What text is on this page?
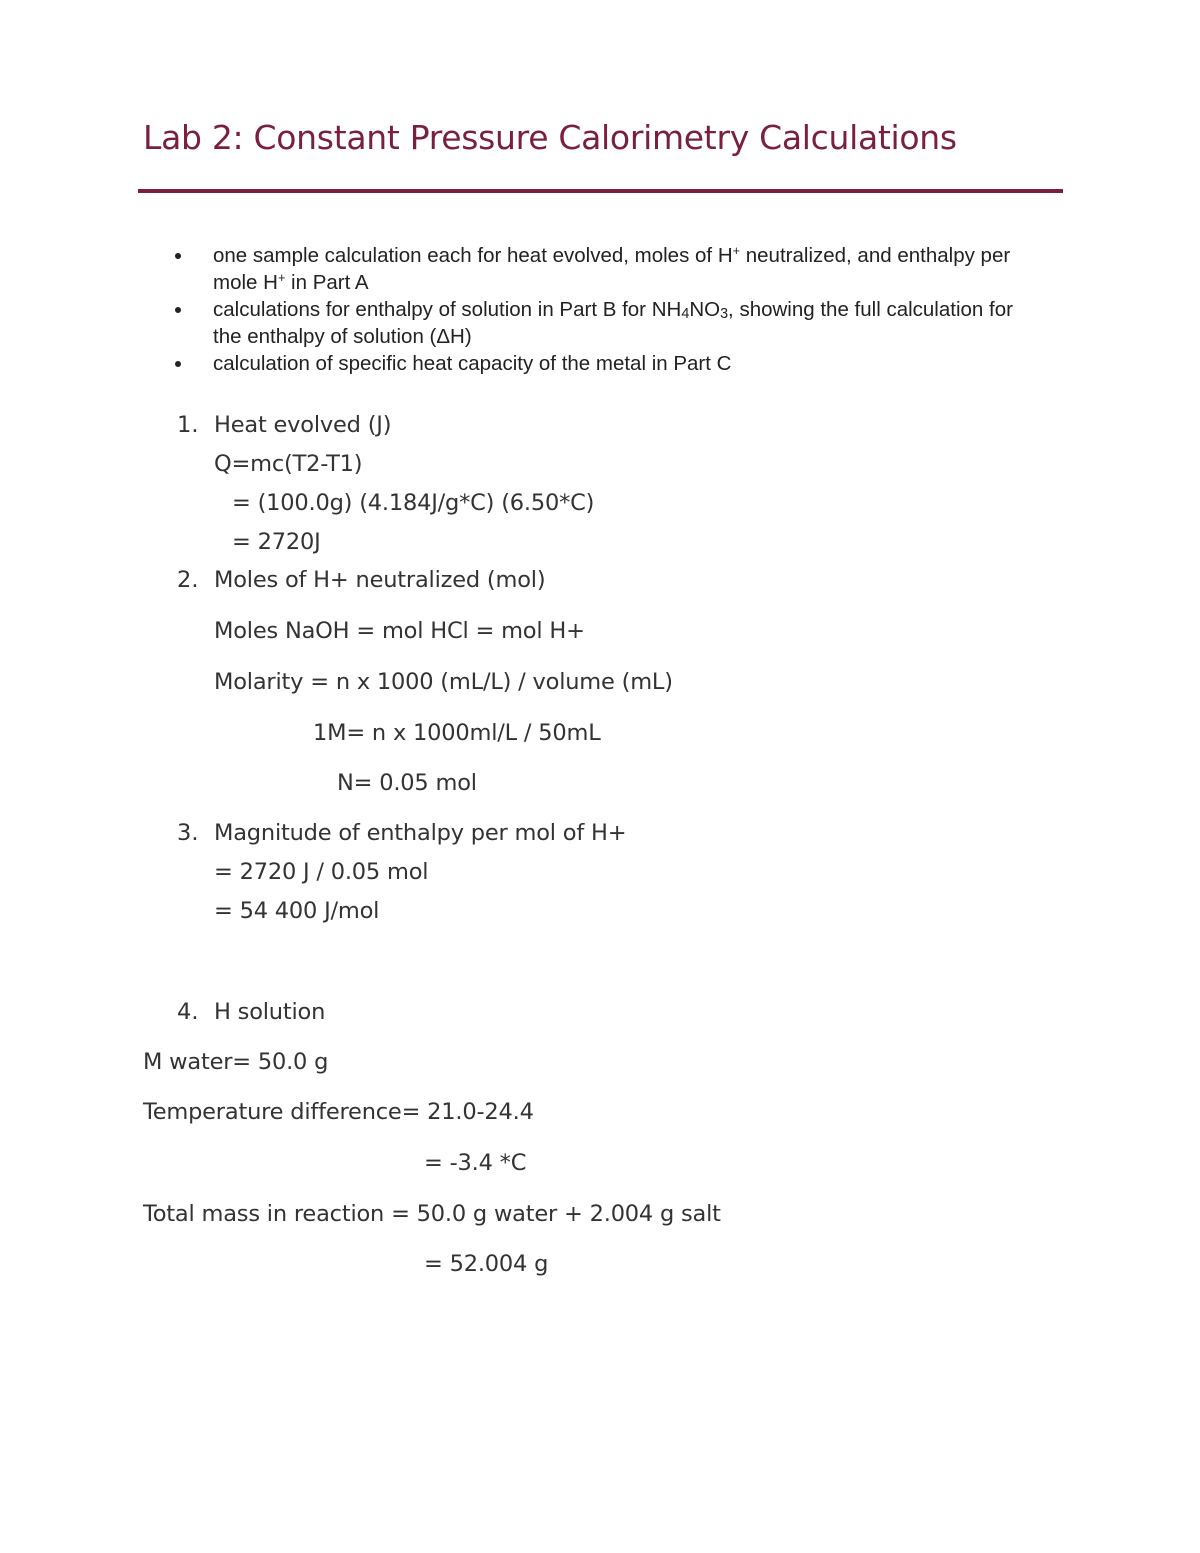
Lab 2: Constant Pressure Calorimetry Calculations
one sample calculation each for heat evolved, moles of H+ neutralized, and enthalpy per mole H+ in Part A
calculations for enthalpy of solution in Part B for $NH_4NO_3$, showing the full calculation for the enthalpy of solution (ΔH)
calculation of specific heat capacity of the metal in Part C
1. Heat evolved (J)
Q=mc(T2-T1)
= (100.0g) (4.184J/g*C) (6.50*C)
= 2720J
2. Moles of H+ neutralized (mol)
Moles NaOH = mol HCl = mol H+
Molarity = n x 1000 (mL/L) / volume (mL)
1M= n x 1000ml/L / 50mL
N= 0.05 mol
3. Magnitude of enthalpy per mol of H+
= 2720 J / 0.05 mol
= 54 400 J/mol
4. H solution
M water= 50.0 g
Temperature difference= 21.0-24.4
= -3.4 *C
Total mass in reaction = 50.0 g water + 2.004 g salt
= 52.004 g
